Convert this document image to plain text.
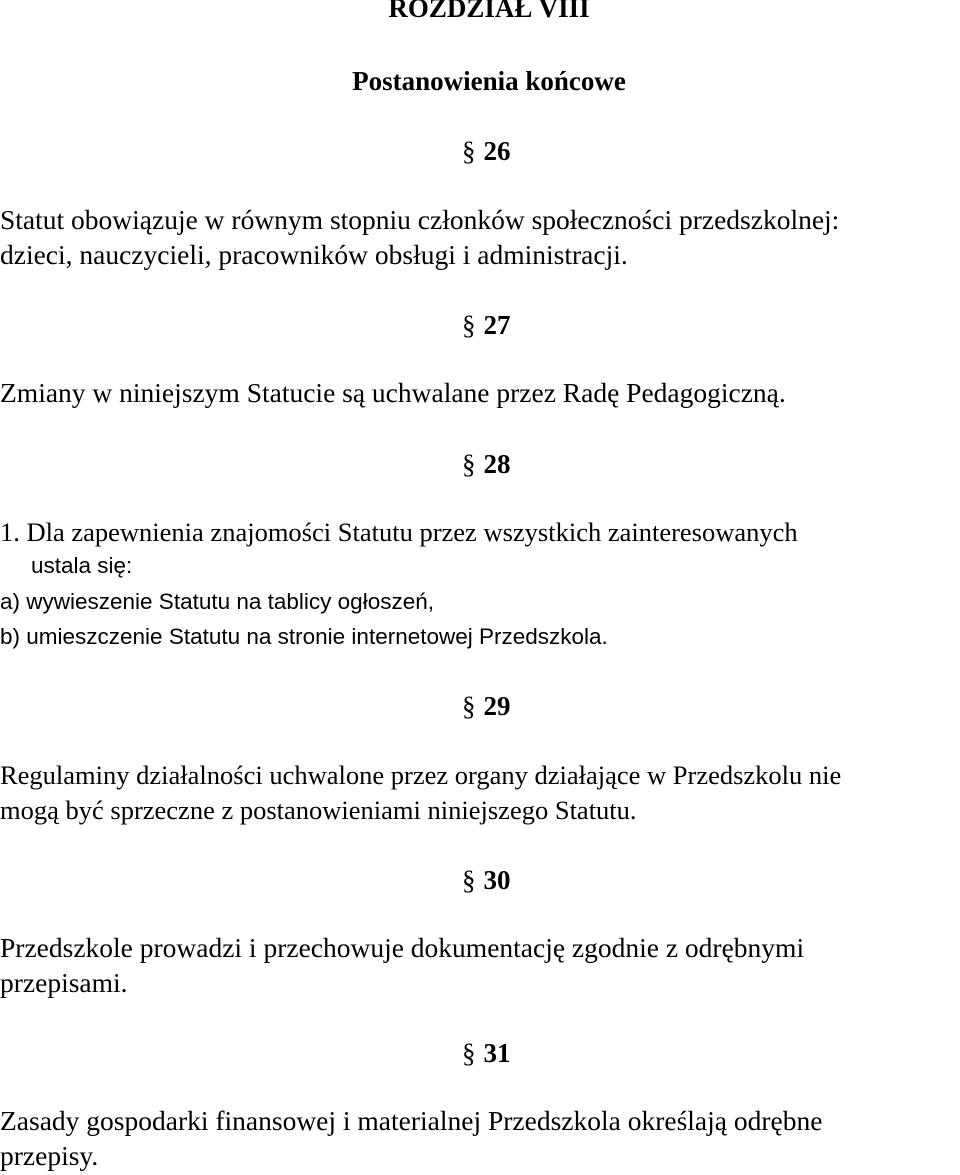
ROZDZIAŁ VIII
Postanowienia końcowe
§ 26

Statut obowiązuje w równym stopniu członków społeczności przedszkolnej:

dzieci, nauczycieli, pracowników obsługi i administracji.

§ 27

Zmiany w niniejszym Statucie są uchwalane przez Radę Pedagogiczną.

§ 28

1. Dla zapewnienia znajomości Statutu przez wszystkich zainteresowanych

ustala się:

a) wywieszenie Statutu na tablicy ogłoszeń,

b) umieszczenie Statutu na stronie internetowej Przedszkola.

§ 29

Regulaminy działalności uchwalone przez organy działające w Przedszkolu nie

mogą być sprzeczne z postanowieniami niniejszego Statutu.

§ 30

Przedszkole prowadzi i przechowuje dokumentację zgodnie z odrębnymi

przepisami.

§ 31

Zasady gospodarki finansowej i materialnej Przedszkola określają odrębne

przepisy.
